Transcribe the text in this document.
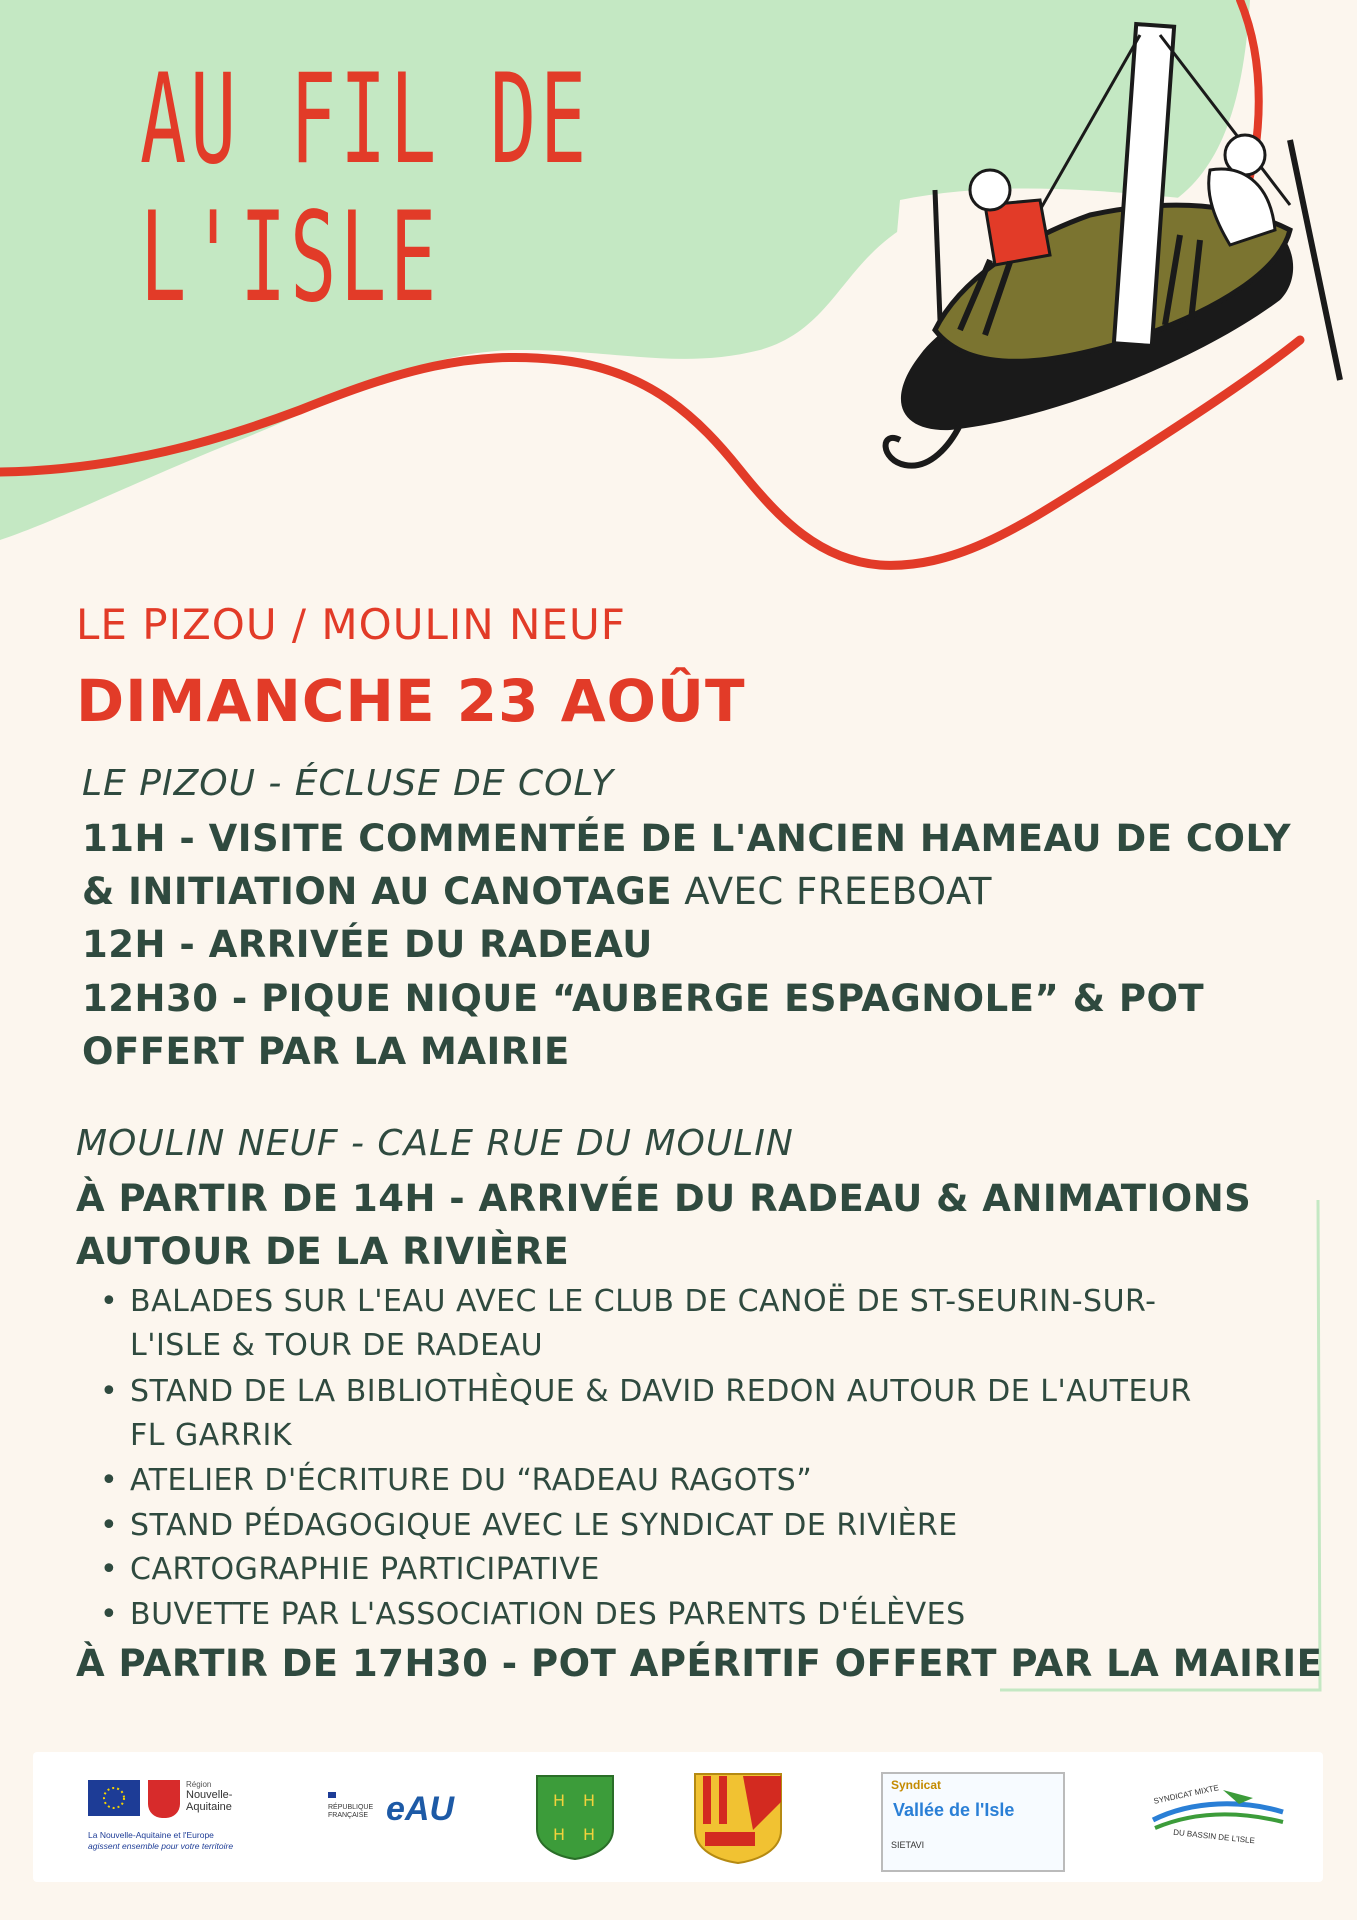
AU FIL DE
L'ISLE
LE PIZOU / MOULIN NEUF
DIMANCHE 23 AOÛT
LE PIZOU - ÉCLUSE DE COLY
11H - VISITE COMMENTÉE DE L'ANCIEN HAMEAU DE COLY
& INITIATION AU CANOTAGE AVEC FREEBOAT
12H - ARRIVÉE DU RADEAU
12H30 - PIQUE NIQUE “AUBERGE ESPAGNOLE” & POT
OFFERT PAR LA MAIRIE
MOULIN NEUF - CALE RUE DU MOULIN
À PARTIR DE 14H - ARRIVÉE DU RADEAU & ANIMATIONS
AUTOUR DE LA RIVIÈRE
• BALADES SUR L'EAU AVEC LE CLUB DE CANOË DE ST-SEURIN-SUR-
L'ISLE & TOUR DE RADEAU
• STAND DE LA BIBLIOTHÈQUE & DAVID REDON AUTOUR DE L'AUTEUR
FL GARRIK
• ATELIER D'ÉCRITURE DU “RADEAU RAGOTS”
• STAND PÉDAGOGIQUE AVEC LE SYNDICAT DE RIVIÈRE
• CARTOGRAPHIE PARTICIPATIVE
• BUVETTE PAR L'ASSOCIATION DES PARENTS D'ÉLÈVES
À PARTIR DE 17H30 - POT APÉRITIF OFFERT PAR LA MAIRIE
Région
Nouvelle-Aquitaine
La Nouvelle-Aquitaine et l'Europe
agissent ensemble pour votre territoire
RÉPUBLIQUE FRANÇAISE eAU	H H
H H
Syndicat
Vallée de l'Isle
SIETAVI
SYNDICAT MIXTE
DU BASSIN DE L'ISLE
